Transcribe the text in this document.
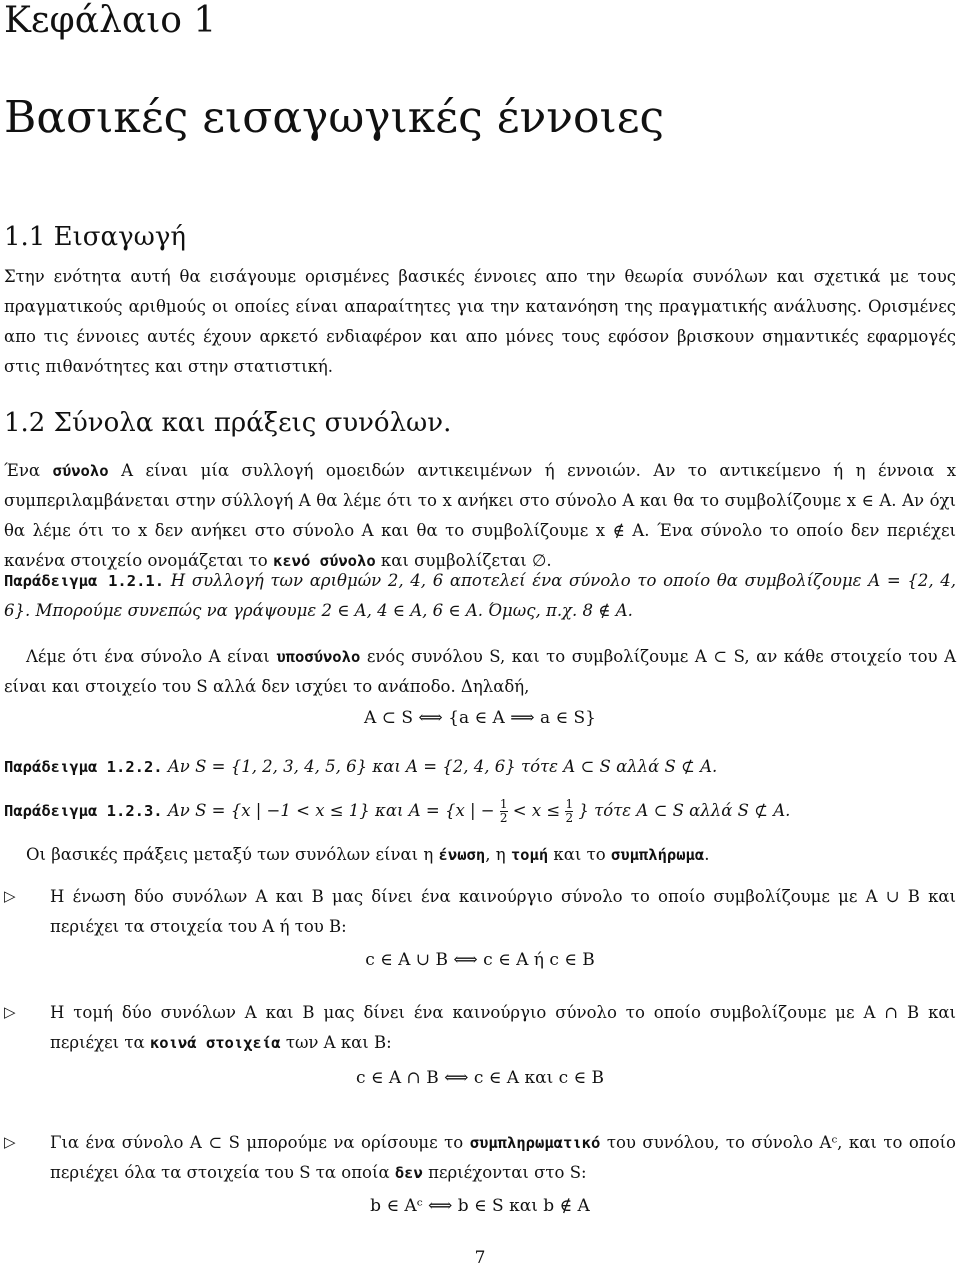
Κεφάλαιο 1
Βασικές εισαγωγικές έννοιες
1.1 Εισαγωγή
Στην ενότητα αυτή θα εισάγουμε ορισμένες βασικές έννοιες απο την θεωρία συνόλων και σχετικά με τους πραγματικούς αριθμούς οι οποίες είναι απαραίτητες για την κατανόηση της πραγματικής ανάλυσης. Ορισμένες απο τις έννοιες αυτές έχουν αρκετό ενδιαφέρον και απο μόνες τους εφόσον βρισκουν σημαντικές εφαρμογές στις πιθανότητες και στην στατιστική.
1.2 Σύνολα και πράξεις συνόλων.
Ένα σύνολο A είναι μία συλλογή ομοειδών αντικειμένων ή εννοιών. Αν το αντικείμενο ή η έννοια x συμπεριλαμβάνεται στην σύλλογή A θα λέμε ότι το x ανήκει στο σύνολο A και θα το συμβολίζουμε x ∈ A. Αν όχι θα λέμε ότι το x δεν ανήκει στο σύνολο A και θα το συμβολίζουμε x ∉ A. Ένα σύνολο το οποίο δεν περιέχει κανένα στοιχείο ονομάζεται το κενό σύνολο και συμβολίζεται ∅.
Παράδειγμα 1.2.1. Η συλλογή των αριθμών 2, 4, 6 αποτελεί ένα σύνολο το οποίο θα συμβολίζουμε A = {2, 4, 6}. Μπορούμε συνεπώς να γράψουμε 2 ∈ A, 4 ∈ A, 6 ∈ A. Όμως, π.χ. 8 ∉ A.
Λέμε ότι ένα σύνολο A είναι υποσύνολο ενός συνόλου S, και το συμβολίζουμε A ⊂ S, αν κάθε στοιχείο του A είναι και στοιχείο του S αλλά δεν ισχύει το ανάποδο. Δηλαδή,
A ⊂ S ⟺ {a ∈ A ⟹ a ∈ S}
Παράδειγμα 1.2.2. Αν S = {1, 2, 3, 4, 5, 6} και A = {2, 4, 6} τότε A ⊂ S αλλά S ⊄ A.
Παράδειγμα 1.2.3. Αν S = {x | −1 < x ≤ 1} και A = {x | − $\frac{1}{2} < x \le \frac{1}{2}$ } τότε A ⊂ S αλλά S ⊄ A.
Οι βασικές πράξεις μεταξύ των συνόλων είναι η ένωση, η τομή και το συμπλήρωμα.
▷ Η ένωση δύο συνόλων A και B μας δίνει ένα καινούργιο σύνολο το οποίο συμβολίζουμε με A ∪ B και περιέχει τα στοιχεία του A ή του B:
c ∈ A ∪ B ⟺ c ∈ A ή c ∈ B
▷ Η τομή δύο συνόλων A και B μας δίνει ένα καινούργιο σύνολο το οποίο συμβολίζουμε με A ∩ B και περιέχει τα κοινά στοιχεία των A και B:
c ∈ A ∩ B ⟺ c ∈ A και c ∈ B
▷ Για ένα σύνολο A ⊂ S μπορούμε να ορίσουμε το συμπληρωματικό του συνόλου, το σύνολο Aᶜ, και το οποίο περιέχει όλα τα στοιχεία του S τα οποία δεν περιέχονται στο S:
b ∈ Aᶜ ⟺ b ∈ S και b ∉ A
7
